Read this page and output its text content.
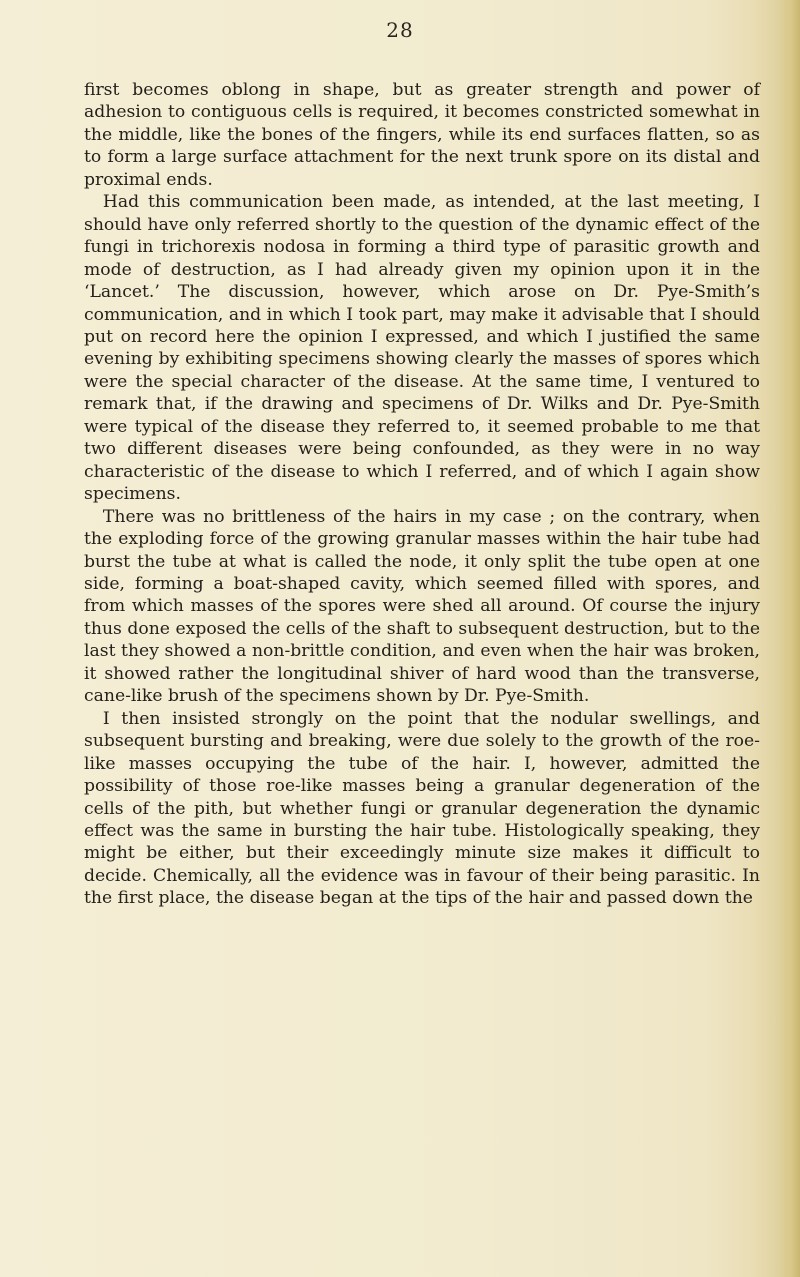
28

first becomes oblong in shape, but as greater strength and power of adhesion to contiguous cells is required, it becomes constricted somewhat in the middle, like the bones of the fingers, while its end surfaces flatten, so as to form a large surface attachment for the next trunk spore on its distal and proximal ends.

Had this communication been made, as intended, at the last meeting, I should have only referred shortly to the question of the dynamic effect of the fungi in trichorexis nodosa in forming a third type of parasitic growth and mode of destruction, as I had already given my opinion upon it in the ‘Lancet.’ The discussion, however, which arose on Dr. Pye-Smith’s communication, and in which I took part, may make it advisable that I should put on record here the opinion I expressed, and which I justified the same evening by exhibiting specimens showing clearly the masses of spores which were the special character of the disease. At the same time, I ventured to remark that, if the drawing and specimens of Dr. Wilks and Dr. Pye-Smith were typical of the disease they referred to, it seemed probable to me that two different diseases were being confounded, as they were in no way characteristic of the disease to which I referred, and of which I again show specimens.

There was no brittleness of the hairs in my case ; on the contrary, when the exploding force of the growing granular masses within the hair tube had burst the tube at what is called the node, it only split the tube open at one side, forming a boat-shaped cavity, which seemed filled with spores, and from which masses of the spores were shed all around. Of course the injury thus done exposed the cells of the shaft to subsequent destruction, but to the last they showed a non-brittle condition, and even when the hair was broken, it showed rather the longitudinal shiver of hard wood than the transverse, cane-like brush of the specimens shown by Dr. Pye-Smith.

I then insisted strongly on the point that the nodular swellings, and subsequent bursting and breaking, were due solely to the growth of the roe-like masses occupying the tube of the hair. I, however, admitted the possibility of those roe-like masses being a granular degeneration of the cells of the pith, but whether fungi or granular degeneration the dynamic effect was the same in bursting the hair tube. Histologically speaking, they might be either, but their exceedingly minute size makes it difficult to decide. Chemically, all the evidence was in favour of their being parasitic. In the first place, the disease began at the tips of the hair and passed down the
